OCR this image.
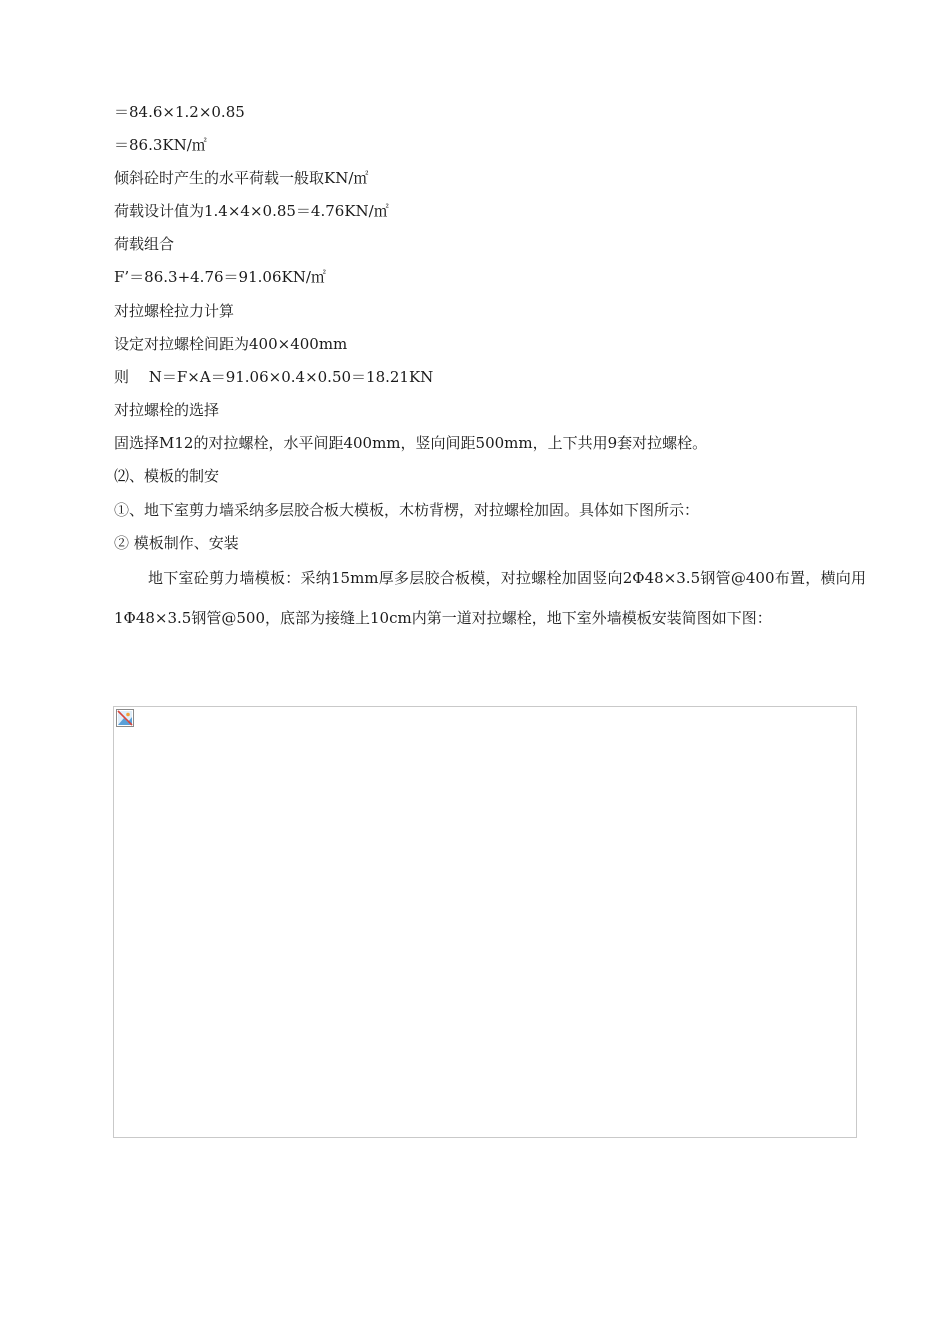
＝84.6×1.2×0.85
＝86.3KN/㎡
倾斜砼时产生的水平荷载一般取KN/㎡
荷载设计值为1.4×4×0.85＝4.76KN/㎡
荷载组合
F’＝86.3+4.76＝91.06KN/㎡
对拉螺栓拉力计算
设定对拉螺栓间距为400×400mm
则　 N＝F×A＝91.06×0.4×0.50＝18.21KN
对拉螺栓的选择
固选择M12的对拉螺栓，水平间距400mm，竖向间距500mm，上下共用9套对拉螺栓。
⑵、模板的制安
①、地下室剪力墙采纳多层胶合板大模板，木枋背楞，对拉螺栓加固。具体如下图所示：
② 模板制作、安装
地下室砼剪力墙模板：采纳15mm厚多层胶合板模，对拉螺栓加固竖向2Φ48×3.5钢管@400布置，横向用1Φ48×3.5钢管@500，底部为接缝上10cm内第一道对拉螺栓，地下室外墙模板安装简图如下图：
